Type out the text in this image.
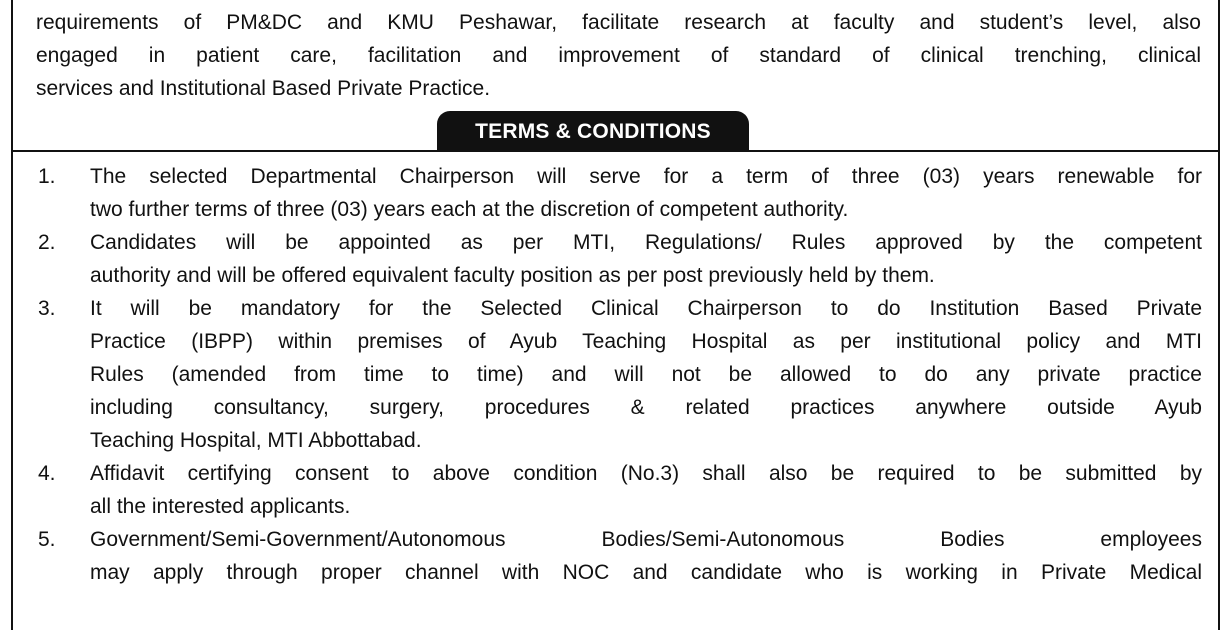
requirements of PM&DC and KMU Peshawar, facilitate research at faculty and student’s level, also
engaged in patient care, facilitation and improvement of standard of clinical trenching, clinical
services and Institutional Based Private Practice.
TERMS & CONDITIONS
1. The selected Departmental Chairperson will serve for a term of three (03) years renewable for
two further terms of three (03) years each at the discretion of competent authority.
2. Candidates will be appointed as per MTI, Regulations/ Rules approved by the competent
authority and will be offered equivalent faculty position as per post previously held by them.
3. It will be mandatory for the Selected Clinical Chairperson to do Institution Based Private
Practice (IBPP) within premises of Ayub Teaching Hospital as per institutional policy and MTI
Rules (amended from time to time) and will not be allowed to do any private practice
including consultancy, surgery, procedures & related practices anywhere outside Ayub
Teaching Hospital, MTI Abbottabad.
4. Affidavit certifying consent to above condition (No.3) shall also be required to be submitted by
all the interested applicants.
5. Government/Semi-Government/Autonomous Bodies/Semi-Autonomous Bodies employees
may apply through proper channel with NOC and candidate who is working in Private Medical
